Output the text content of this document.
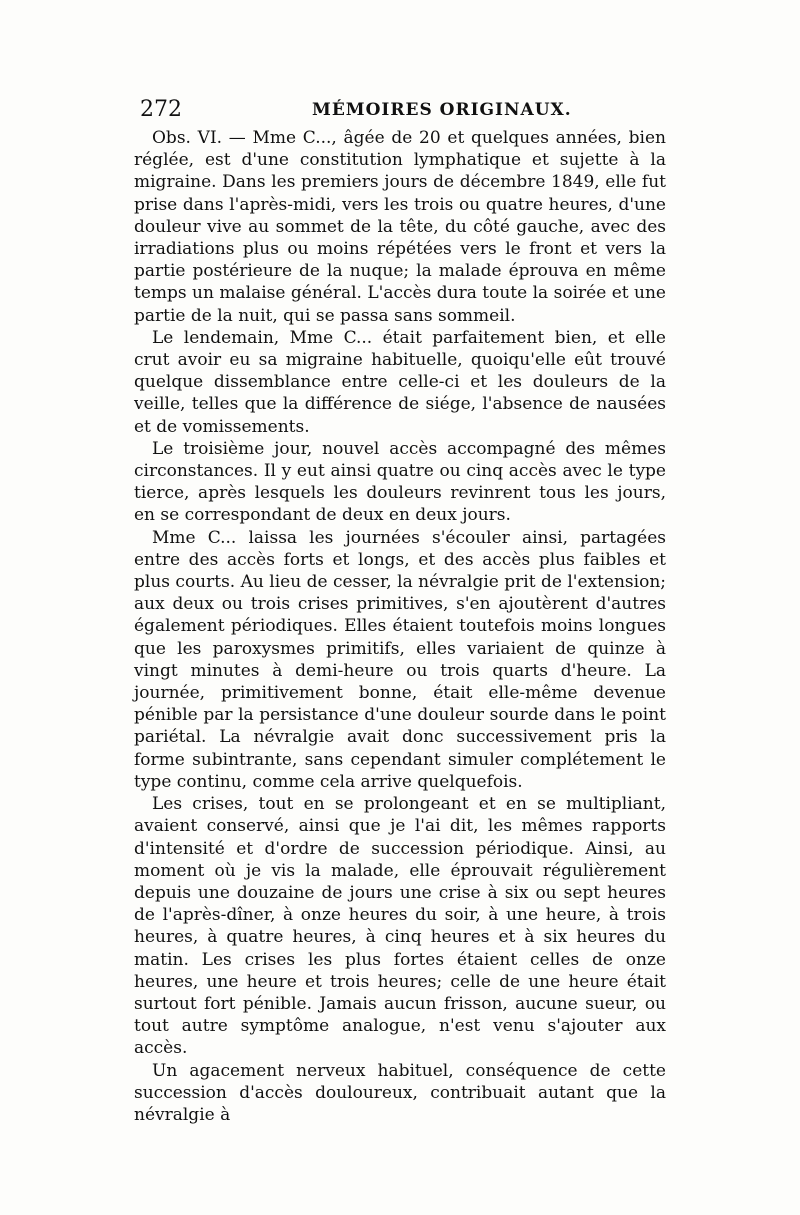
272	MÉMOIRES ORIGINAUX.

Obs. VI. — Mme C..., âgée de 20 et quelques années, bien réglée, est d'une constitution lymphatique et sujette à la migraine. Dans les premiers jours de décembre 1849, elle fut prise dans l'après-midi, vers les trois ou quatre heures, d'une douleur vive au sommet de la tête, du côté gauche, avec des irradiations plus ou moins répétées vers le front et vers la partie postérieure de la nuque; la malade éprouva en même temps un malaise général. L'accès dura toute la soirée et une partie de la nuit, qui se passa sans sommeil.

Le lendemain, Mme C... était parfaitement bien, et elle crut avoir eu sa migraine habituelle, quoiqu'elle eût trouvé quelque dissemblance entre celle-ci et les douleurs de la veille, telles que la différence de siége, l'absence de nausées et de vomissements.

Le troisième jour, nouvel accès accompagné des mêmes circonstances. Il y eut ainsi quatre ou cinq accès avec le type tierce, après lesquels les douleurs revinrent tous les jours, en se correspondant de deux en deux jours.

Mme C... laissa les journées s'écouler ainsi, partagées entre des accès forts et longs, et des accès plus faibles et plus courts. Au lieu de cesser, la névralgie prit de l'extension; aux deux ou trois crises primitives, s'en ajoutèrent d'autres également périodiques. Elles étaient toutefois moins longues que les paroxysmes primitifs, elles variaient de quinze à vingt minutes à demi-heure ou trois quarts d'heure. La journée, primitivement bonne, était elle-même devenue pénible par la persistance d'une douleur sourde dans le point pariétal. La névralgie avait donc successivement pris la forme subintrante, sans cependant simuler complétement le type continu, comme cela arrive quelquefois.

Les crises, tout en se prolongeant et en se multipliant, avaient conservé, ainsi que je l'ai dit, les mêmes rapports d'intensité et d'ordre de succession périodique. Ainsi, au moment où je vis la malade, elle éprouvait régulièrement depuis une douzaine de jours une crise à six ou sept heures de l'après-dîner, à onze heures du soir, à une heure, à trois heures, à quatre heures, à cinq heures et à six heures du matin. Les crises les plus fortes étaient celles de onze heures, une heure et trois heures; celle de une heure était surtout fort pénible. Jamais aucun frisson, aucune sueur, ou tout autre symptôme analogue, n'est venu s'ajouter aux accès.

Un agacement nerveux habituel, conséquence de cette succession d'accès douloureux, contribuait autant que la névralgie à
